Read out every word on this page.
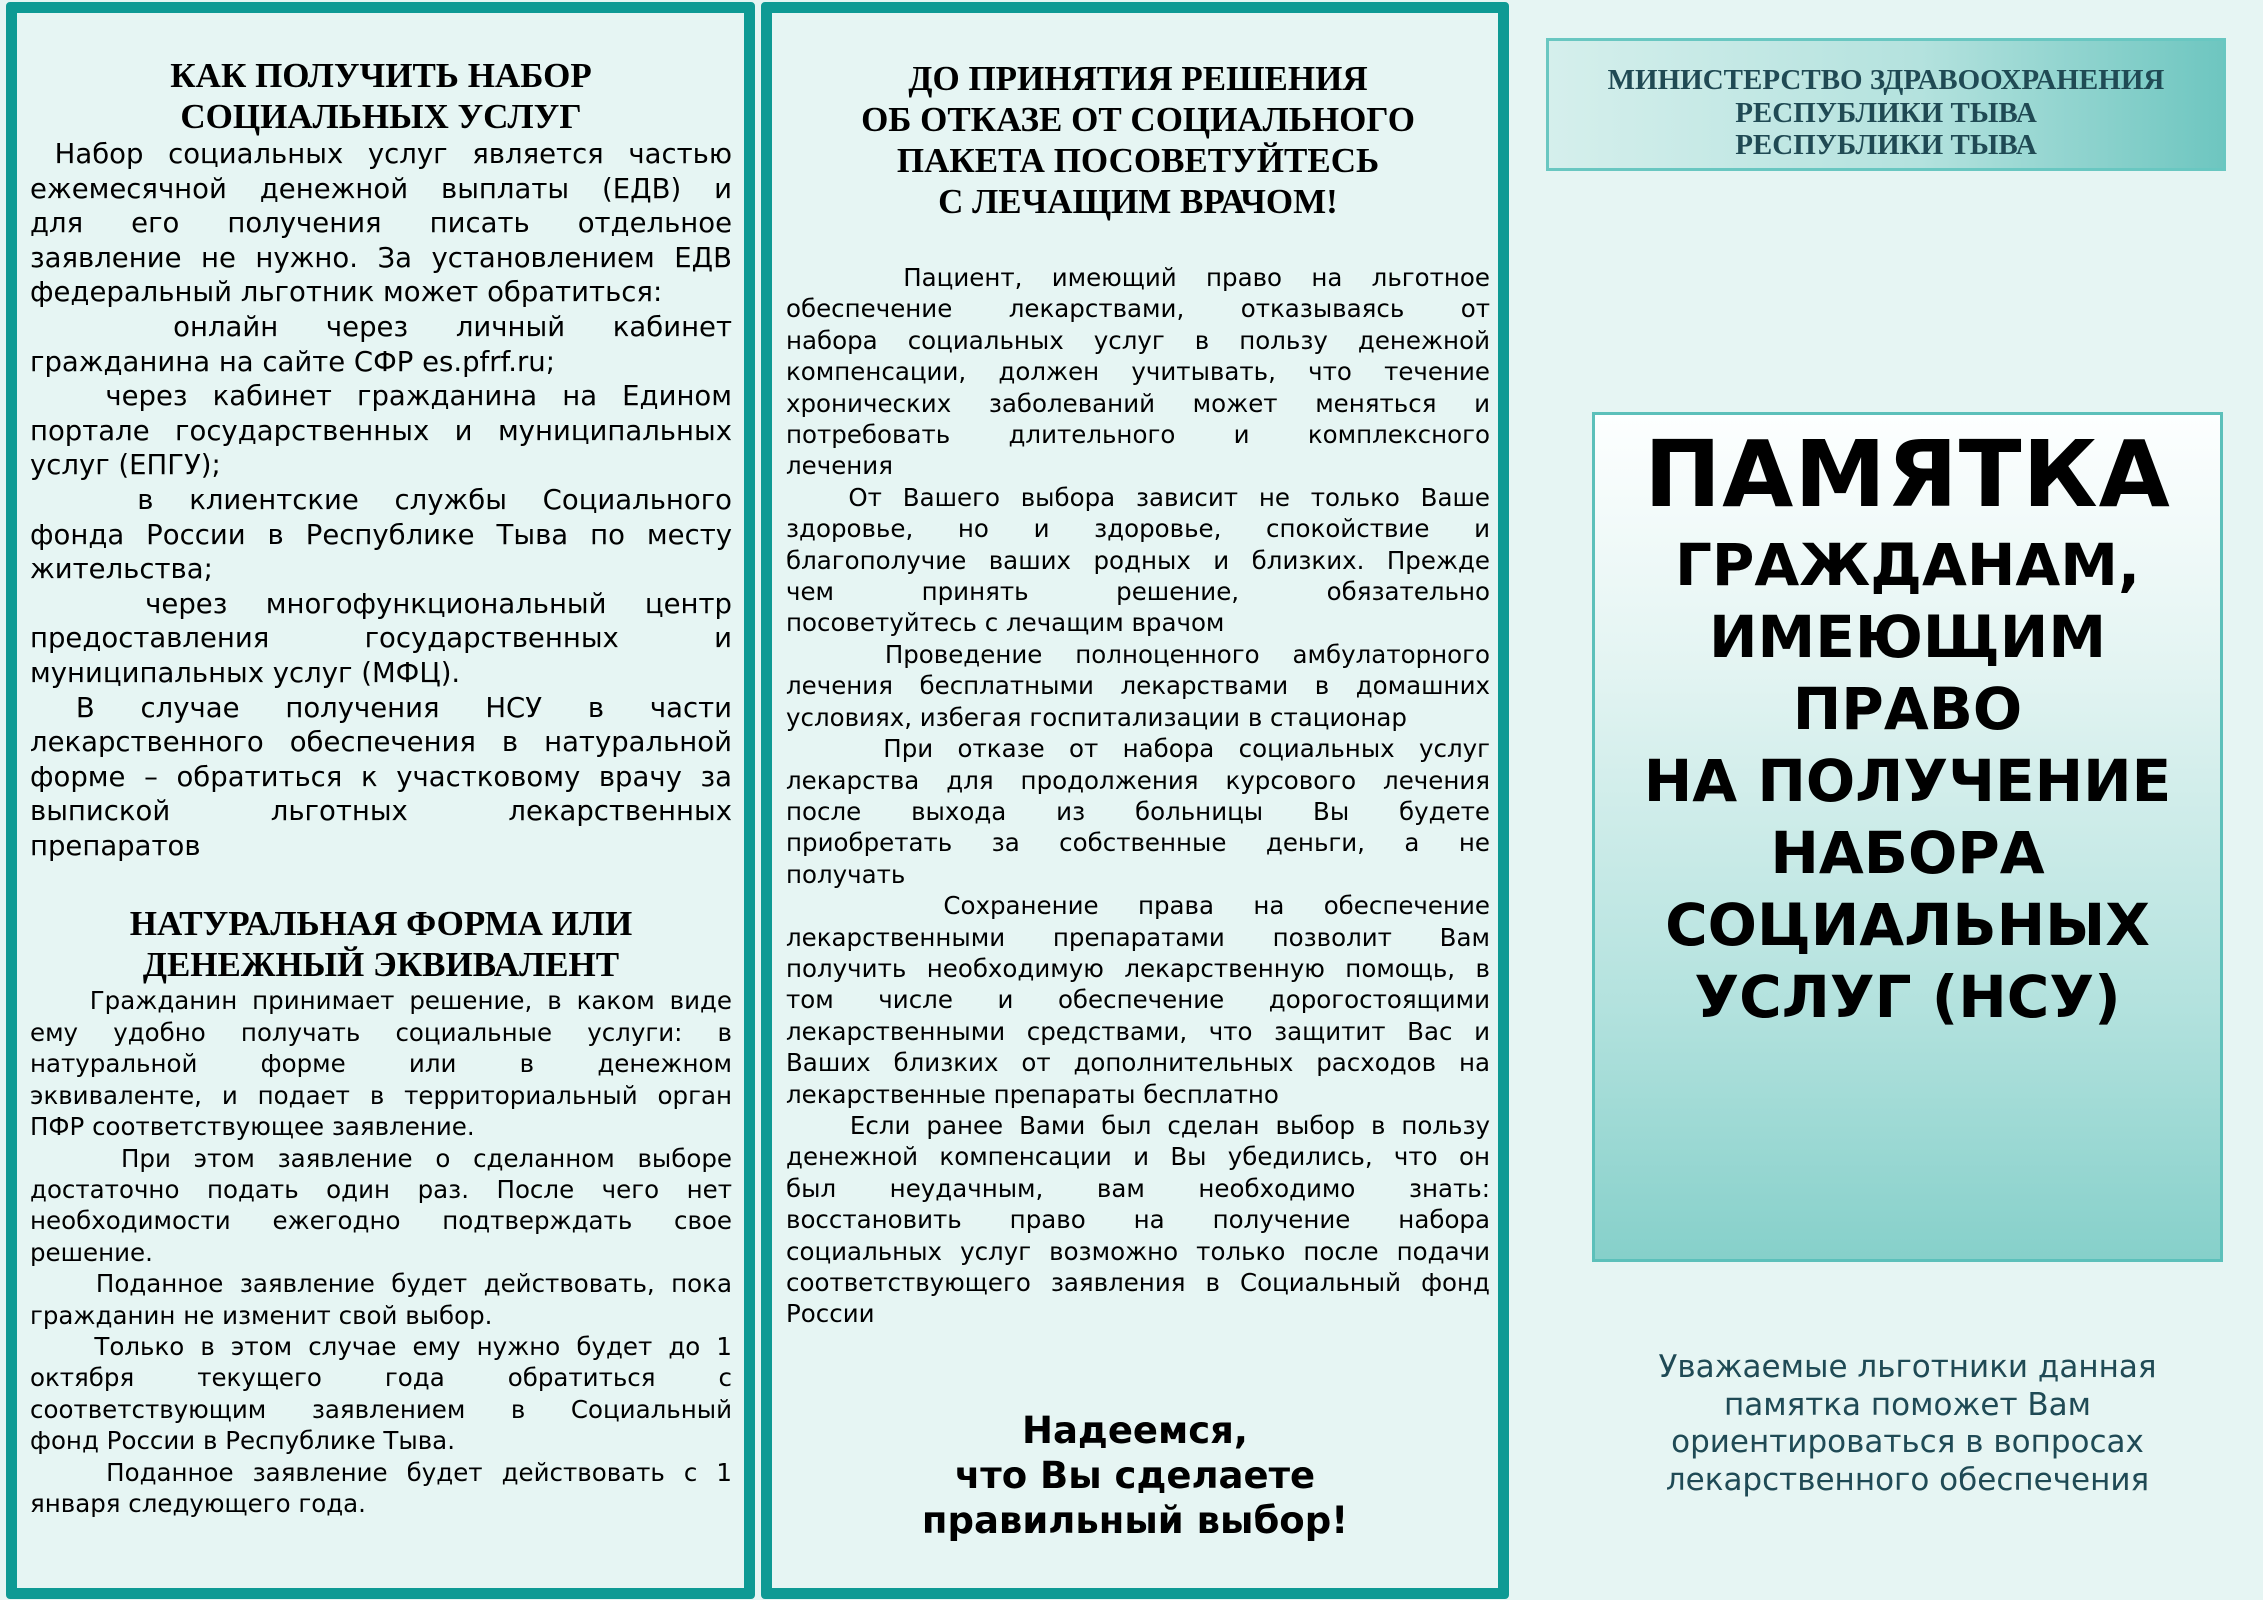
КАК ПОЛУЧИТЬ НАБОР
СОЦИАЛЬНЫХ УСЛУГ

Набор социальных услуг является частью

ежемесячной денежной выплаты (ЕДВ) и

для его получения писать отдельное

заявление не нужно. За установлением ЕДВ

федеральный льготник может обратиться:

онлайн через личный кабинет

гражданина на сайте СФР es.pfrf.ru;

через кабинет гражданина на Едином

портале государственных и муниципальных

услуг (ЕПГУ);

в клиентские службы Социального

фонда России в Республике Тыва по месту

жительства;

через многофункциональный центр

предоставления государственных и

муниципальных услуг (МФЦ).

В случае получения НСУ в части

лекарственного обеспечения в натуральной

форме – обратиться к участковому врачу за

выпиской льготных лекарственных

препаратов

НАТУРАЛЬНАЯ ФОРМА ИЛИ
ДЕНЕЖНЫЙ ЭКВИВАЛЕНТ

Гражданин принимает решение, в каком виде

ему удобно получать социальные услуги: в

натуральной форме или в денежном

эквиваленте, и подает в территориальный орган

ПФР соответствующее заявление.

При этом заявление о сделанном выборе

достаточно подать один раз. После чего нет

необходимости ежегодно подтверждать свое

решение.

Поданное заявление будет действовать, пока

гражданин не изменит свой выбор.

Только в этом случае ему нужно будет до 1

октября текущего года обратиться с

соответствующим заявлением в Социальный

фонд России в Республике Тыва.

Поданное заявление будет действовать с 1

января следующего года.

ДО ПРИНЯТИЯ РЕШЕНИЯ
ОБ ОТКАЗЕ ОТ СОЦИАЛЬНОГО
ПАКЕТА ПОСОВЕТУЙТЕСЬ
С ЛЕЧАЩИМ ВРАЧОМ!

Пациент, имеющий право на льготное

обеспечение лекарствами, отказываясь от

набора социальных услуг в пользу денежной

компенсации, должен учитывать, что течение

хронических заболеваний может меняться и

потребовать длительного и комплексного

лечения

От Вашего выбора зависит не только Ваше

здоровье, но и здоровье, спокойствие и

благополучие ваших родных и близких. Прежде

чем принять решение, обязательно

посоветуйтесь с лечащим врачом

Проведение полноценного амбулаторного

лечения бесплатными лекарствами в домашних

условиях, избегая госпитализации в стационар

При отказе от набора социальных услуг

лекарства для продолжения курсового лечения

после выхода из больницы Вы будете

приобретать за собственные деньги, а не

получать

Сохранение права на обеспечение

лекарственными препаратами позволит Вам

получить необходимую лекарственную помощь, в

том числе и обеспечение дорогостоящими

лекарственными средствами, что защитит Вас и

Ваших близких от дополнительных расходов на

лекарственные препараты бесплатно

Если ранее Вами был сделан выбор в пользу

денежной компенсации и Вы убедились, что он

был неудачным, вам необходимо знать:

восстановить право на получение набора

социальных услуг возможно только после подачи

соответствующего заявления в Социальный фонд

России

Надеемся,
что Вы сделаете
правильный выбор!
МИНИСТЕРСТВО ЗДРАВООХРАНЕНИЯ
РЕСПУБЛИКИ ТЫВА
РЕСПУБЛИКИ ТЫВА
ПАМЯТКА
ГРАЖДАНАМ,
ИМЕЮЩИМ
ПРАВО
НА ПОЛУЧЕНИЕ
НАБОРА
СОЦИАЛЬНЫХ
УСЛУГ (НСУ)
Уважаемые льготники данная
памятка поможет Вам
ориентироваться в вопросах
лекарственного обеспечения
